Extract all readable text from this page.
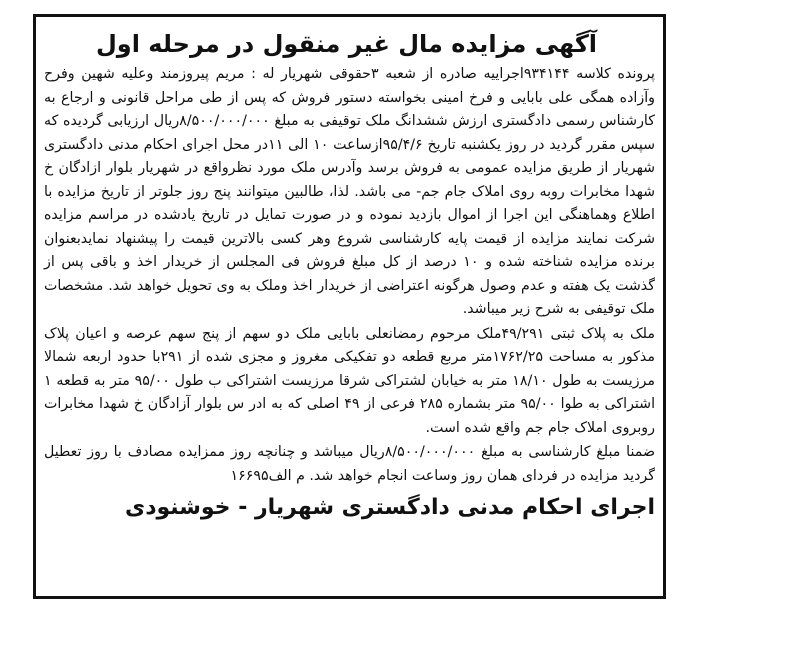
آگهی مزایده مال غیر منقول در مرحله اول

پرونده کلاسه ۹۳۴۱۴۴اجراییه صادره از شعبه ۳حقوقی شهریار له : مریم پیروزمند وعلیه شهین وفرح وآزاده همگی علی بابایی و فرخ امینی بخواسته دستور فروش که پس از طی مراحل قانونی و ارجاع به کارشناس رسمی دادگستری ارزش ششدانگ ملک توقیفی به مبلغ ۸/۵۰۰/۰۰۰/۰۰۰ریال ارزیابی گردیده که سپس مقرر گردید در روز یکشنبه تاریخ ۹۵/۴/۶ازساعت ۱۰ الی ۱۱در محل اجرای احکام مدنی دادگستری شهریار از طریق مزایده عمومی به فروش برسد وآدرس ملک مورد نظرواقع در شهریار بلوار ازادگان خ شهدا مخابرات روبه روی املاک جام جم- می باشد. لذا، طالبین میتوانند پنج روز جلوتر از تاریخ مزایده با اطلاع وهماهنگی این اجرا از اموال بازدید نموده و در صورت تمایل در تاریخ یادشده در مراسم مزایده شرکت نمایند مزایده از قیمت پایه کارشناسی شروع وهر کسی بالاترین قیمت را پیشنهاد نمایدبعنوان برنده مزایده شناخته شده و ۱۰ درصد از کل مبلغ فروش فی المجلس از خریدار اخذ و باقی پس از گذشت یک هفته و عدم وصول هرگونه اعتراضی از خریدار اخذ وملک به وی تحویل خواهد شد. مشخصات ملک توقیفی به شرح زیر میباشد.

ملک به پلاک ثبتی ۴۹/۲۹۱ملک مرحوم رمضانعلی بابایی ملک دو سهم از پنج سهم عرصه و اعیان پلاک مذکور به مساحت ۱۷۶۲/۲۵متر مربع قطعه دو تفکیکی مغروز و مجزی شده از ۲۹۱با حدود اربعه شمالا مرزیست به طول ۱۸/۱۰ متر به خیابان لشتراکی شرقا مرزیست اشتراکی ب طول ۹۵/۰۰ متر به قطعه ۱ اشتراکی به طوا ۹۵/۰۰ متر بشماره ۲۸۵ فرعی از ۴۹ اصلی که به ادر س بلوار آزادگان خ شهدا مخابرات روبروی املاک جام جم واقع شده است.

ضمنا مبلغ کارشناسی به مبلغ ۸/۵۰۰/۰۰۰/۰۰۰ریال میباشد و چنانچه روز ممزایده مصادف با روز تعطیل گردید مزایده در فردای همان روز وساعت انجام خواهد شد. م الف۱۶۶۹۵

اجرای احکام مدنی دادگستری شهریار - خوشنودی
